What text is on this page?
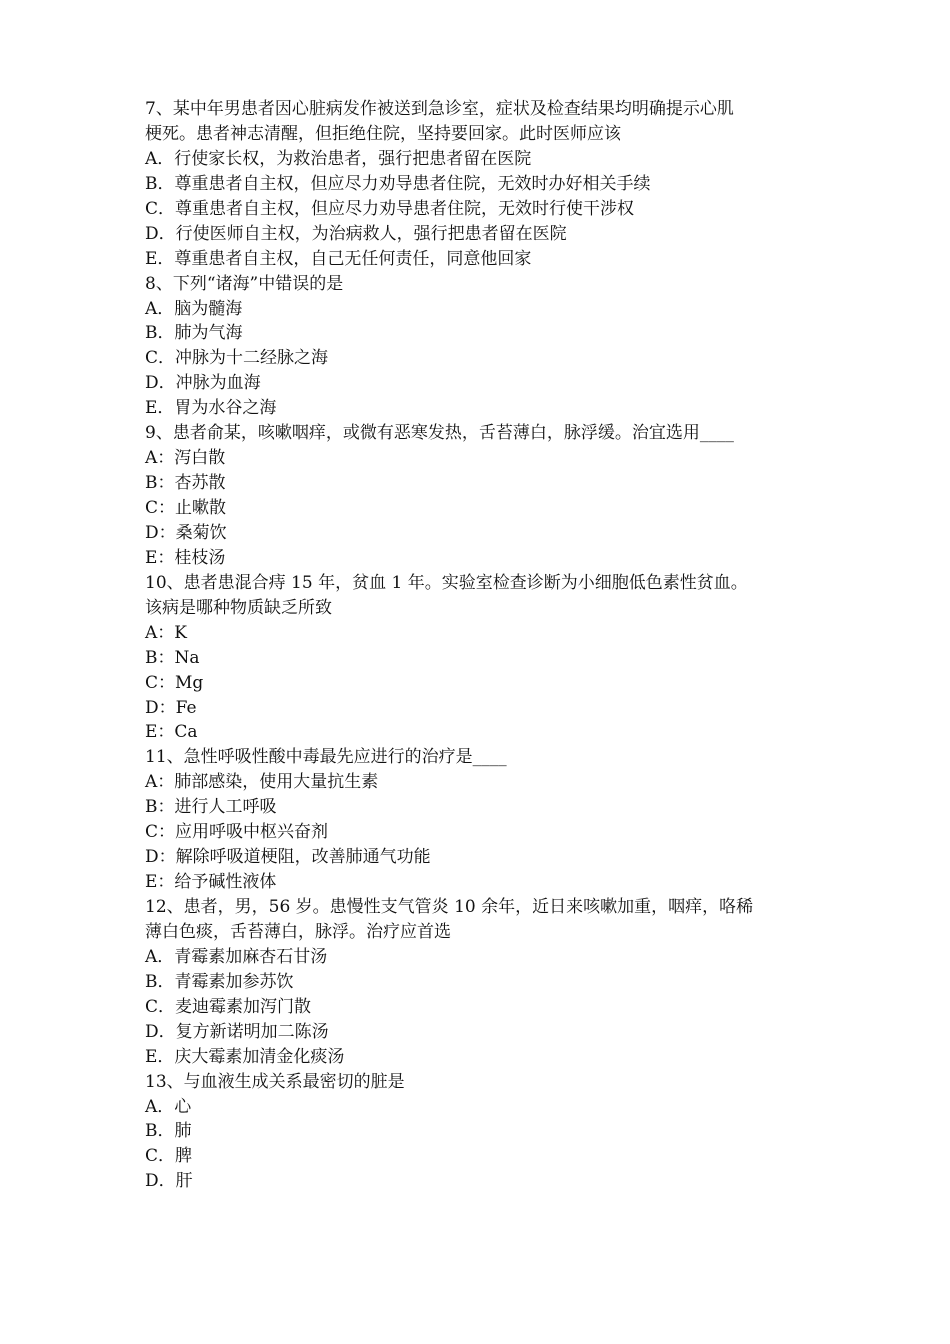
7、某中年男患者因心脏病发作被送到急诊室，症状及检查结果均明确提示心肌

梗死。患者神志清醒，但拒绝住院，坚持要回家。此时医师应该

A．行使家长权，为救治患者，强行把患者留在医院

B．尊重患者自主权，但应尽力劝导患者住院，无效时办好相关手续

C．尊重患者自主权，但应尽力劝导患者住院，无效时行使干涉权

D．行使医师自主权，为治病救人，强行把患者留在医院

E．尊重患者自主权，自己无任何责任，同意他回家

8、下列“诸海”中错误的是

A．脑为髓海

B．肺为气海

C．冲脉为十二经脉之海

D．冲脉为血海

E．胃为水谷之海

9、患者俞某，咳嗽咽痒，或微有恶寒发热，舌苔薄白，脉浮缓。治宜选用____

A：泻白散

B：杏苏散

C：止嗽散

D：桑菊饮

E：桂枝汤

10、患者患混合痔 15 年，贫血 1 年。实验室检查诊断为小细胞低色素性贫血。

该病是哪种物质缺乏所致

A：K

B：Na

C：Mg

D：Fe

E：Ca

11、急性呼吸性酸中毒最先应进行的治疗是____

A：肺部感染，使用大量抗生素

B：进行人工呼吸

C：应用呼吸中枢兴奋剂

D：解除呼吸道梗阻，改善肺通气功能

E：给予碱性液体

12、患者，男，56 岁。患慢性支气管炎 10 余年，近日来咳嗽加重，咽痒，咯稀

薄白色痰，舌苔薄白，脉浮。治疗应首选

A．青霉素加麻杏石甘汤

B．青霉素加参苏饮

C．麦迪霉素加泻门散

D．复方新诺明加二陈汤

E．庆大霉素加清金化痰汤

13、与血液生成关系最密切的脏是

A．心

B．肺

C．脾

D．肝
